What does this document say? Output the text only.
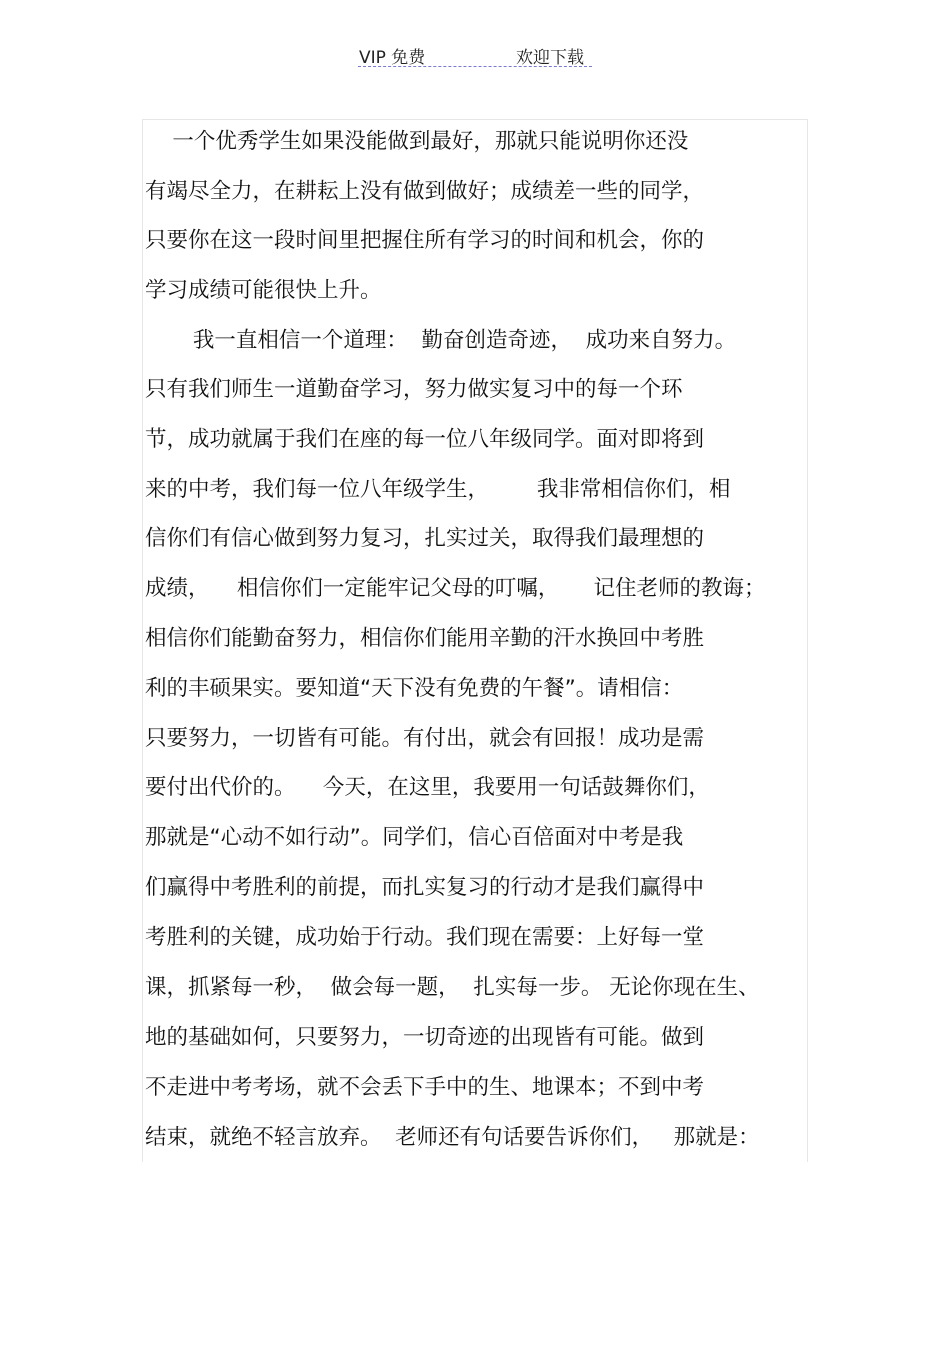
VIP 免费	欢迎下载
一个优秀学生如果没能做到最好，那就只能说明你还没
有竭尽全力，在耕耘上没有做到做好；成绩差一些的同学，
只要你在这一段时间里把握住所有学习的时间和机会，你的
学习成绩可能很快上升。
我一直相信一个道理：  勤奋创造奇迹，  成功来自努力。
只有我们师生一道勤奋学习，努力做实复习中的每一个环
节，成功就属于我们在座的每一位八年级同学。面对即将到
来的中考，我们每一位八年级学生，       我非常相信你们，相
信你们有信心做到努力复习，扎实过关，取得我们最理想的
成绩，    相信你们一定能牢记父母的叮嘱，     记住老师的教诲；
相信你们能勤奋努力，相信你们能用辛勤的汗水换回中考胜
利的丰硕果实。要知道“天下没有免费的午餐”。请相信：
只要努力，一切皆有可能。有付出，就会有回报！成功是需
要付出代价的。    今天，在这里，我要用一句话鼓舞你们，
那就是“心动不如行动”。同学们，信心百倍面对中考是我
们赢得中考胜利的前提，而扎实复习的行动才是我们赢得中
考胜利的关键，成功始于行动。我们现在需要：上好每一堂
课，抓紧每一秒，  做会每一题，  扎实每一步。 无论你现在生、
地的基础如何，只要努力，一切奇迹的出现皆有可能。做到
不走进中考考场，就不会丢下手中的生、地课本；不到中考
结束，就绝不轻言放弃。  老师还有句话要告诉你们，   那就是：
